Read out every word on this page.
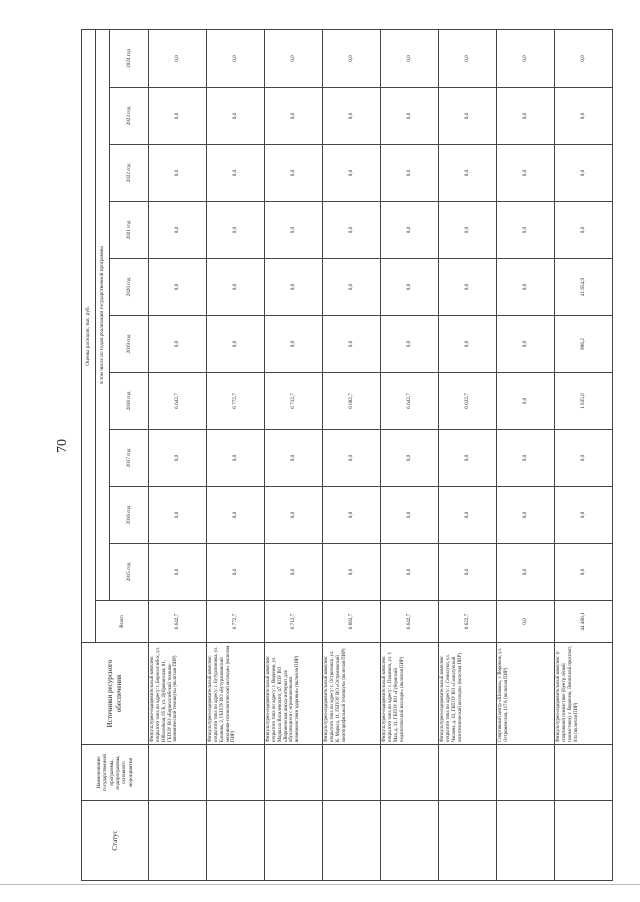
70
Статус	Наименование государственной программы, подпрограммы, основного мероприятия	Источники ресурсного обеспечения	Оценка расходов, тыс. руб.										
			Всего	в том числе по годам реализации государственной программы									
				2015 год	2016 год	2017 год	2018 год	2019 год	2020 год	2021 год	2022 год	2023 год	2024 год
		Физкультурно-оздоровительный комплекс открытого типа по адресу: г. Борисоглебск, ул. Юбилейная, 65 Б, ул. Дубровинская, 81, ГБПОУ ВО «Борисоглебский технико-экономический техникум» (включая ПИР)	6 642,7	0,0	0,0	0,0	6 642,7	0,0	0,0	0,0	0,0	0,0	0,0
		Физкультурно-оздоровительный комплекс открытого типа по адресу: г. Бутурлиновка, ул. Блинова, 2, ГБПОУ ВО «Бутурлиновский механико-технологический колледж» (включая ПИР)	6 772,7	0,0	0,0	0,0	6 772,7	0,0	0,0	0,0	0,0	0,0	0,0
		Физкультурно-оздоровительный комплекс открытого типа по адресу: г. Воронеж, ул. Маршала Василевского, 47, КОУ ВО «Воронежская школа-интернат для обучающихся с ограниченными возможностями здоровья» (включая ПИР)	6 712,7	0,0	0,0	0,0	6 712,7	0,0	0,0	0,0	0,0	0,0	0,0
		Физкультурно-оздоровительный комплекс открытого типа по адресу: г. Острогожск, ул. К. Маркса, 11, ГБПОУ ВО «Острогожский многопрофильный техникум» (включая ПИР)	6 682,7	0,0	0,0	0,0	6 682,7	0,0	0,0	0,0	0,0	0,0	0,0
		Физкультурно-оздоровительный комплекс открытого типа по адресу: г. Павловск, ул. 1 Мая, д. 11, ГБПОУ ВО «Губернский педагогический колледж» (включая ПИР)	6 642,7	0,0	0,0	0,0	6 642,7	0,0	0,0	0,0	0,0	0,0	0,0
		Физкультурно-оздоровительный комплекс открытого типа по адресу: г. Семилуки, ул. Чапаева, д. 62, ГБПОУ ВО «Семилукский политехнический колледж» (включая ПИР)	6 622,7	0,0	0,0	0,0	6 622,7	0,0	0,0	0,0	0,0	0,0	0,0
		Спортивный центр «Шихова», г. Воронеж, ул. Остроженская, 117А (включая ПИР)	0,0	0,0	0,0	0,0	0,0	0,0	0,0	0,0	0,0	0,0	0,0
		Физкультурно-оздоровительный комплекс (с спортивной гимнастике (Центр лёгкой гимнастики), г. Воронеж, Ленинский проспект, 93а (включая ПИР)	44 486,1	0,0	0,0	0,0	1 835,0	996,2	41 654,9	0,0	0,0	0,0	0,0
